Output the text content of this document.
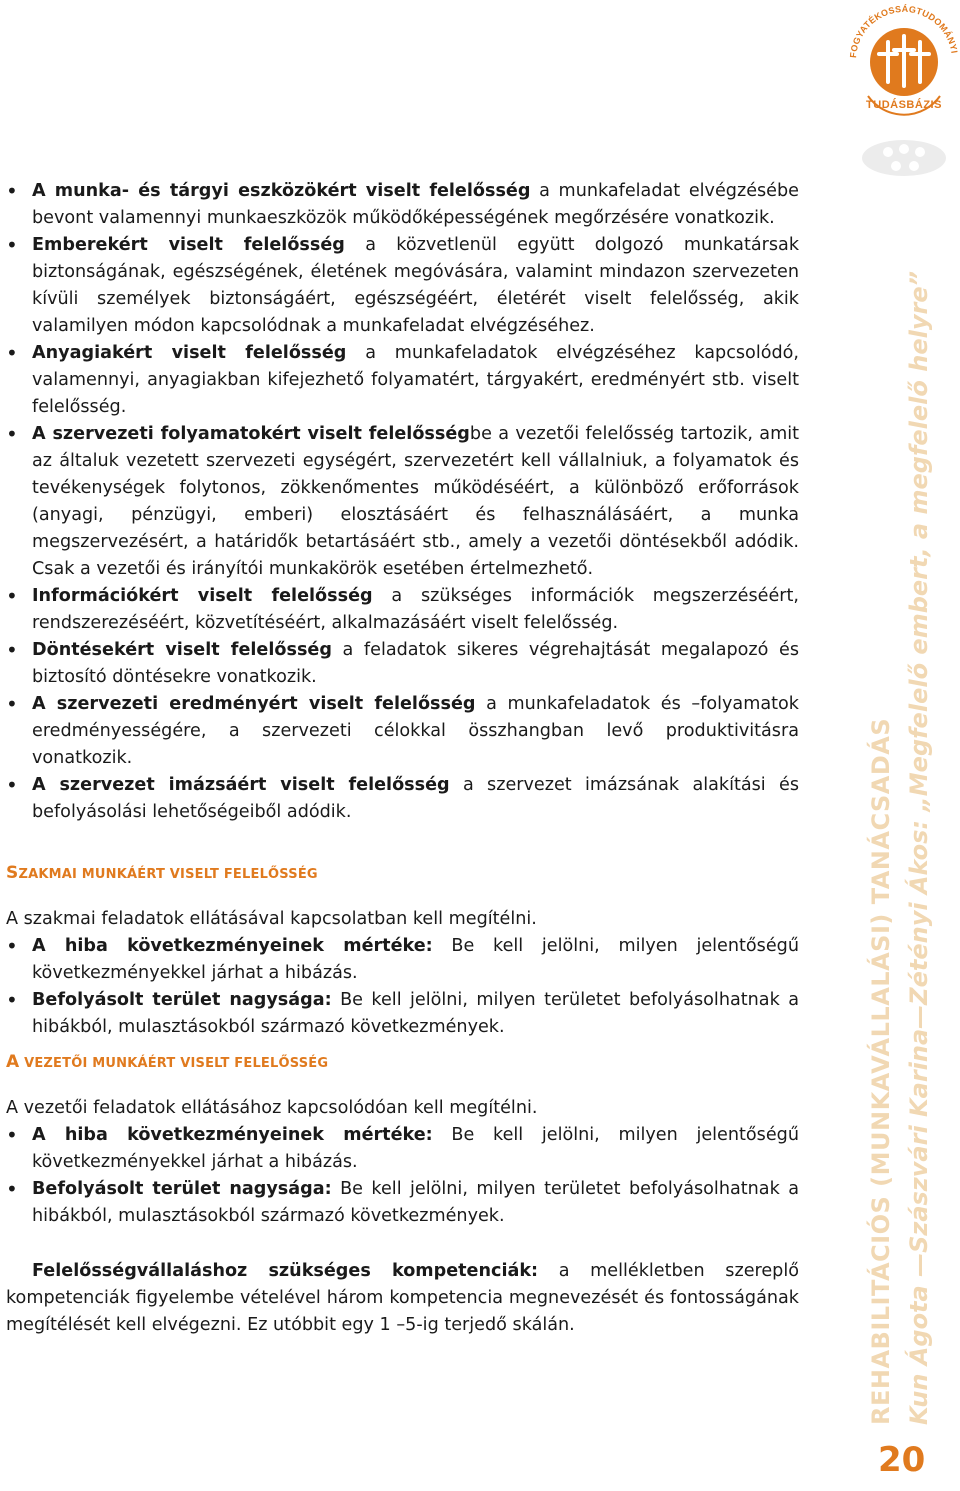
FOGYATÉKOSSÁGTUDOMÁNYI
TUDÁSBÁZIS
• A munka- és tárgyi eszközökért viselt felelősség a munkafeladat elvégzésébe bevont valamennyi munkaeszközök működőképességének megőrzésére vonatkozik.
• Emberekért viselt felelősség a közvetlenül együtt dolgozó munkatársak biztonságának, egészségének, életének megóvására, valamint mindazon szervezeten kívüli személyek biztonságáért, egészségéért, életérét viselt felelősség, akik valamilyen módon kapcsolódnak a munkafeladat elvégzéséhez.
• Anyagiakért viselt felelősség a munkafeladatok elvégzéséhez kapcsolódó, valamennyi, anyagiakban kifejezhető folyamatért, tárgyakért, eredményért stb. viselt felelősség.
• A szervezeti folyamatokért viselt felelősségbe a vezetői felelősség tartozik, amit az általuk vezetett szervezeti egységért, szervezetért kell vállalniuk, a folyamatok és tevékenységek folytonos, zökkenőmentes működéséért, a különböző erőforrások (anyagi, pénzügyi, emberi) elosztásáért és felhasználásáért, a munka megszervezésért, a határidők betartásáért stb., amely a vezetői döntésekből adódik. Csak a vezetői és irányítói munkakörök esetében értelmezhető.
• Információkért viselt felelősség a szükséges információk megszerzéséért, rendszerezéséért, közvetítéséért, alkalmazásáért viselt felelősség.
• Döntésekért viselt felelősség a feladatok sikeres végrehajtását megalapozó és biztosító döntésekre vonatkozik.
• A szervezeti eredményért viselt felelősség a munkafeladatok és –folyamatok eredményességére, a szervezeti célokkal összhangban levő produktivitásra vonatkozik.
• A szervezet imázsáért viselt felelősség a szervezet imázsának alakítási és befolyásolási lehetőségeiből adódik.

SZAKMAI MUNKÁÉRT VISELT FELELŐSSÉG

A szakmai feladatok ellátásával kapcsolatban kell megítélni.

• A hiba következményeinek mértéke: Be kell jelölni, milyen jelentőségű következményekkel járhat a hibázás.
• Befolyásolt terület nagysága: Be kell jelölni, milyen területet befolyásolhatnak a hibákból, mulasztásokból származó következmények.

A VEZETŐI MUNKÁÉRT VISELT FELELŐSSÉG

A vezetői feladatok ellátásához kapcsolódóan kell megítélni.

• A hiba következményeinek mértéke: Be kell jelölni, milyen jelentőségű következményekkel járhat a hibázás.
• Befolyásolt terület nagysága: Be kell jelölni, milyen területet befolyásolhatnak a hibákból, mulasztásokból származó következmények.

Felelősségvállaláshoz szükséges kompetenciák: a mellékletben szereplő kompetenciák figyelembe vételével három kompetencia megnevezését és fontosságának megítélését kell elvégezni. Ez utóbbit egy 1 –5-ig terjedő skálán.	REHABILITÁCIÓS (MUNKAVÁLLALÁSI) TANÁCSADÁS Kun Ágota —Szászvári Karina—Zétényi Ákos: „Megfelelő embert, a megfelelő helyre”
20
